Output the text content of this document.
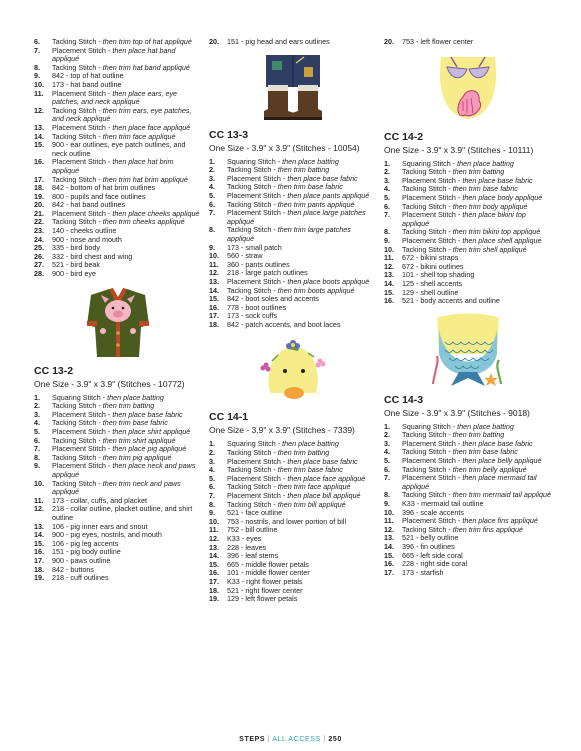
6.	Tacking Stitch - then trim top of hat appliqué
7.	Placement Stitch - then place hat band appliqué
8.	Tacking Stitch - then trim hat band appliqué
9.	842 - top of hat outline
10.	173 - hat band outline
11.	Placement Stitch - then place ears, eye patches, and neck appliqué
12.	Tacking Stitch - then trim ears, eye patches, and neck appliqué
13.	Placement Stitch - then place face appliqué
14.	Tacking Stitch - then trim face appliqué
15.	900 - ear outlines, eye patch outlines, and neck outline
16.	Placement Stitch - then place hat brim appliqué
17.	Tacking Stitch - then trim hat brim appliqué
18.	842 - bottom of hat brim outlines
19.	800 - pupils and face outlines
20.	842 - hat band outlines
21.	Placement Stitch - then place cheeks appliqué
22.	Tacking Stitch - then trim cheeks appliqué
23.	140 - cheeks outline
24.	900 - nose and mouth
25.	335 - bird body
26.	332 - bird chest and wing
27.	521 - bird beak
28.	900 - bird eye
CC 13-2

One Size - 3.9" x 3.9" (Stitches - 10772)

1.	Squaring Stitch - then place batting
2.	Tacking Stitch - then trim batting
3.	Placement Stitch - then place base fabric
4.	Tacking Stitch - then trim base fabric
5.	Placement Stitch - then place shirt appliqué
6.	Tacking Stitch - then trim shirt appliqué
7.	Placement Stitch - then place pig appliqué
8.	Tacking Stitch - then trim pig appliqué
9.	Placement Stitch - then place neck and paws appliqué
10.	Tacking Stitch - then trim neck and paws appliqué
11.	173 - collar, cuffs, and placket
12.	218 - collar outline, placket outline, and shirt outline
13.	106 - pig inner ears and snout
14.	900 - pig eyes, nostrils, and mouth
15.	106 - pig leg accents
16.	151 - pig body outline
17.	900 - paws outline
18.	842 - buttons
19.	218 - cuff outlines
20.	151 - pig head and ears outlines
CC 13-3

One Size - 3.9" x 3.9" (Stitches - 10054)

1.	Squaring Stitch - then place batting
2.	Tacking Stitch - then trim batting
3.	Placement Stitch - then place base fabric
4.	Tacking Stitch - then trim base fabric
5.	Placement Stitch - then place pants appliqué
6.	Tacking Stitch - then trim pants appliqué
7.	Placement Stitch - then place large patches appliqué
8.	Tacking Stitch - then trim large patches appliqué
9.	173 - small patch
10.	560 - straw
11.	360 - pants outlines
12.	218 - large patch outlines
13.	Placement Stitch - then place boots appliqué
14.	Tacking Stitch - then trim boots appliqué
15.	842 - boot soles and accents
16.	778 - boot outlines
17.	173 - sock cuffs
18.	842 - patch accents, and boot laces
CC 14-1

One Size - 3.9" x 3.9" (Stitches - 7339)

1.	Squaring Stitch - then place batting
2.	Tacking Stitch - then trim batting
3.	Placement Stitch - then place base fabric
4.	Tacking Stitch - then trim base fabric
5.	Placement Stitch - then place face appliqué
6.	Tacking Stitch - then trim face appliqué
7.	Placement Stitch - then place bill appliqué
8.	Tacking Stitch - then trim bill appliqué
9.	521 - face outline
10.	753 - nostrils, and lower portion of bill
11.	752 - bill outline
12.	K33 - eyes
13.	228 - leaves
14.	396 - leaf stems
15.	665 - middle flower petals
16.	101 - middle flower center
17.	K33 - right flower petals
18.	521 - right flower center
19.	129 - left flower petals
20.	753 - left flower center
CC 14-2

One Size - 3.9" x 3.9" (Stitches - 10111)

1.	Squaring Stitch - then place batting
2.	Tacking Stitch - then trim batting
3.	Placement Stitch - then place base fabric
4.	Tacking Stitch - then trim base fabric
5.	Placement Stitch - then place body appliqué
6.	Tacking Stitch - then trim body appliqué
7.	Placement Stitch - then place bikini top appliqué
8.	Tacking Stitch - then trim bikini top appliqué
9.	Placement Stitch - then place shell appliqué
10.	Tacking Stitch - then trim shell appliqué
11.	672 - bikini straps
12.	672 - bikini outlines
13.	101 - shell top shading
14.	125 - shell accents
15.	129 - shell outline
16.	521 - body accents and outline
CC 14-3

One Size - 3.9" x 3.9" (Stitches - 9018)

1.	Squaring Stitch - then place batting
2.	Tacking Stitch - then trim batting
3.	Placement Stitch - then place base fabric
4.	Tacking Stitch - then trim base fabric
5.	Placement Stitch - then place belly appliqué
6.	Tacking Stitch - then trim belly appliqué
7.	Placement Stitch - then place mermaid tail appliqué
8.	Tacking Stitch - then trim mermaid tail appliqué
9.	K33 - mermaid tail outline
10.	396 - scale accents
11.	Placement Stitch - then place fins appliqué
12.	Tacking Stitch - then trim fins appliqué
13.	521 - belly outline
14.	396 - fin outlines
15.	665 - left side coral
16.	228 - right side coral
17.	173 - starfish
STEPS | ALL ACCESS | 250
